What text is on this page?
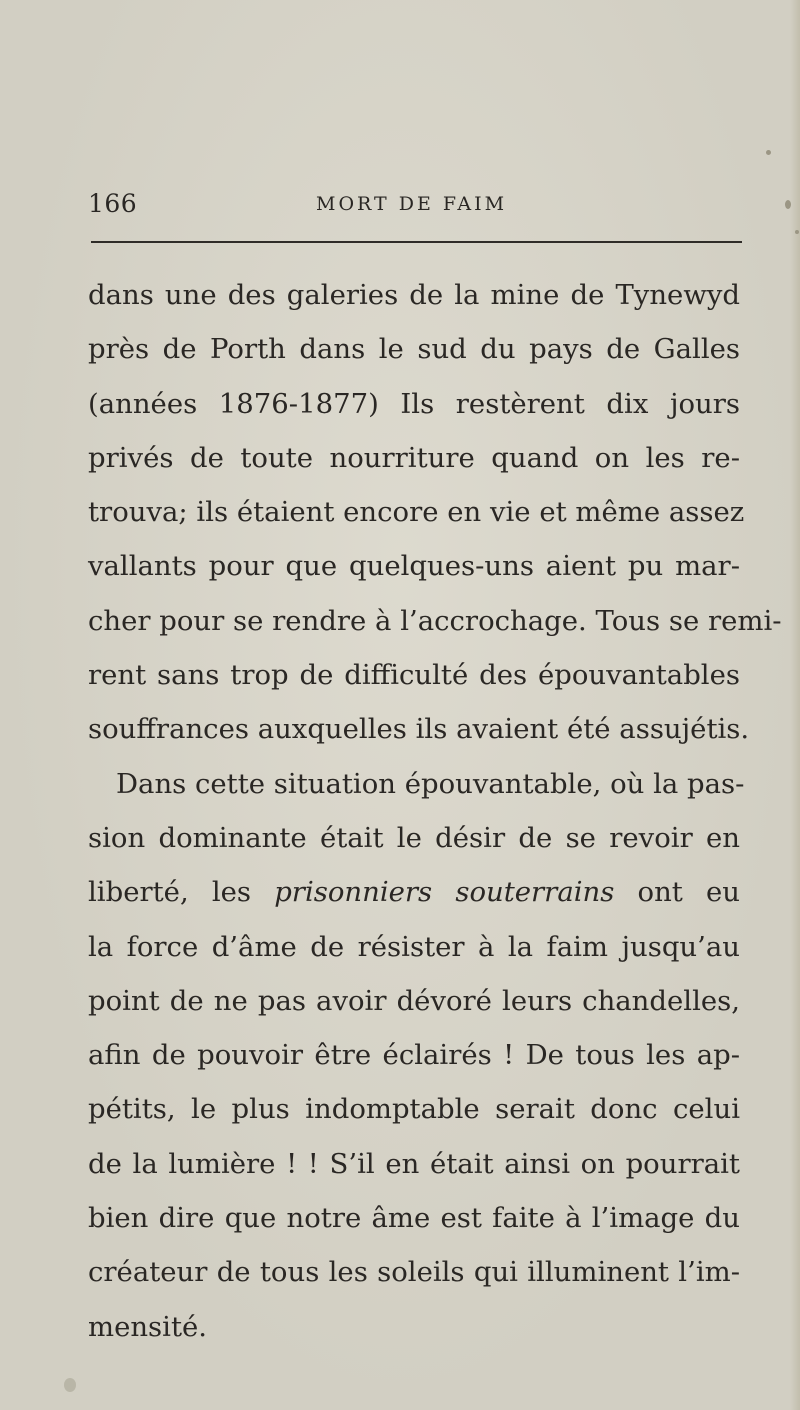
166	MORT DE FAIM
dans une des galeries de la mine de Tynewyd
près de Porth dans le sud du pays de Galles
(années 1876-1877) Ils restèrent dix jours
privés de toute nourriture quand on les re-
trouva; ils étaient encore en vie et même assez
vallants pour que quelques-uns aient pu mar-
cher pour se rendre à l’accrochage. Tous se remi-
rent sans trop de difficulté des épouvantables
souffrances auxquelles ils avaient été assujétis.
Dans cette situation épouvantable, où la pas-
sion dominante était le désir de se revoir en
liberté, les prisonniers souterrains ont eu
la force d’âme de résister à la faim jusqu’au
point de ne pas avoir dévoré leurs chandelles,
afin de pouvoir être éclairés ! De tous les ap-
pétits, le plus indomptable serait donc celui
de la lumière ! ! S’il en était ainsi on pourrait
bien dire que notre âme est faite à l’image du
créateur de tous les soleils qui illuminent l’im-
mensité.
